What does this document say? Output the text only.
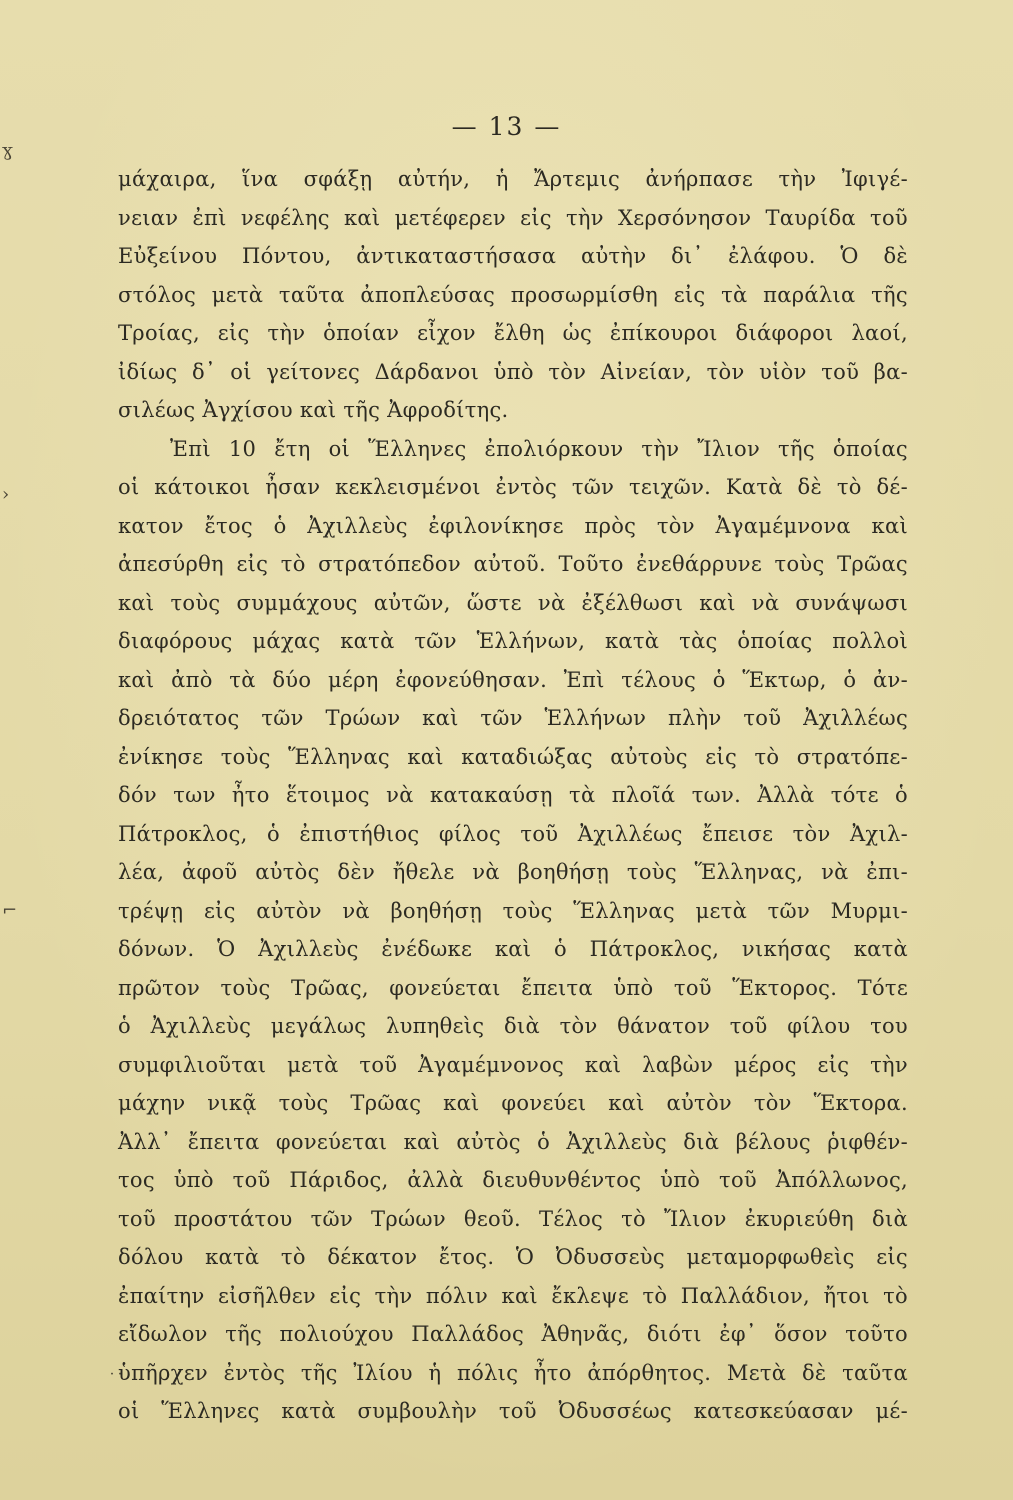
— 13 —
ɣ
›
⌐
˙˙
μάχαιρα, ἵνα σφάξῃ αὐτήν, ἡ Ἄρτεμις ἀνήρπασε τὴν Ἰφιγέ-
νειαν ἐπὶ νεφέλης καὶ μετέφερεν εἰς τὴν Χερσόνησον Ταυρίδα τοῦ
Εὐξείνου Πόντου, ἀντικαταστήσασα αὐτὴν δι᾽ ἐλάφου. Ὁ δὲ
στόλος μετὰ ταῦτα ἀποπλεύσας προσωρμίσθη εἰς τὰ παράλια τῆς
Τροίας, εἰς τὴν ὁποίαν εἶχον ἔλθη ὡς ἐπίκουροι διάφοροι λαοί,
ἰδίως δ᾽ οἱ γείτονες Δάρδανοι ὑπὸ τὸν Αἰνείαν, τὸν υἱὸν τοῦ βα-
σιλέως Ἀγχίσου καὶ τῆς Ἀφροδίτης.
Ἐπὶ 10 ἔτη οἱ Ἕλληνες ἐπολιόρκουν τὴν Ἴλιον τῆς ὁποίας
οἱ κάτοικοι ἦσαν κεκλεισμένοι ἐντὸς τῶν τειχῶν. Κατὰ δὲ τὸ δέ-
κατον ἔτος ὁ Ἀχιλλεὺς ἐφιλονίκησε πρὸς τὸν Ἀγαμέμνονα καὶ
ἀπεσύρθη εἰς τὸ στρατόπεδον αὐτοῦ. Τοῦτο ἐνεθάρρυνε τοὺς Τρῶας
καὶ τοὺς συμμάχους αὐτῶν, ὥστε νὰ ἐξέλθωσι καὶ νὰ συνάψωσι
διαφόρους μάχας κατὰ τῶν Ἑλλήνων, κατὰ τὰς ὁποίας πολλοὶ
καὶ ἀπὸ τὰ δύο μέρη ἐφονεύθησαν. Ἐπὶ τέλους ὁ Ἕκτωρ, ὁ ἀν-
δρειότατος τῶν Τρώων καὶ τῶν Ἑλλήνων πλὴν τοῦ Ἀχιλλέως
ἐνίκησε τοὺς Ἕλληνας καὶ καταδιώξας αὐτοὺς εἰς τὸ στρατόπε-
δόν των ἦτο ἕτοιμος νὰ κατακαύσῃ τὰ πλοῖά των. Ἀλλὰ τότε ὁ
Πάτροκλος, ὁ ἐπιστήθιος φίλος τοῦ Ἀχιλλέως ἔπεισε τὸν Ἀχιλ-
λέα, ἀφοῦ αὐτὸς δὲν ἤθελε νὰ βοηθήσῃ τοὺς Ἕλληνας, νὰ ἐπι-
τρέψῃ εἰς αὐτὸν νὰ βοηθήσῃ τοὺς Ἕλληνας μετὰ τῶν Μυρμι-
δόνων. Ὁ Ἀχιλλεὺς ἐνέδωκε καὶ ὁ Πάτροκλος, νικήσας κατὰ
πρῶτον τοὺς Τρῶας, φονεύεται ἔπειτα ὑπὸ τοῦ Ἕκτορος. Τότε
ὁ Ἀχιλλεὺς μεγάλως λυπηθεὶς διὰ τὸν θάνατον τοῦ φίλου του
συμφιλιοῦται μετὰ τοῦ Ἀγαμέμνονος καὶ λαβὼν μέρος εἰς τὴν
μάχην νικᾷ τοὺς Τρῶας καὶ φονεύει καὶ αὐτὸν τὸν Ἕκτορα.
Ἀλλ᾽ ἔπειτα φονεύεται καὶ αὐτὸς ὁ Ἀχιλλεὺς διὰ βέλους ῥιφθέν-
τος ὑπὸ τοῦ Πάριδος, ἀλλὰ διευθυνθέντος ὑπὸ τοῦ Ἀπόλλωνος,
τοῦ προστάτου τῶν Τρώων θεοῦ. Τέλος τὸ Ἴλιον ἐκυριεύθη διὰ
δόλου κατὰ τὸ δέκατον ἔτος. Ὁ Ὀδυσσεὺς μεταμορφωθεὶς εἰς
ἐπαίτην εἰσῆλθεν εἰς τὴν πόλιν καὶ ἔκλεψε τὸ Παλλάδιον, ἤτοι τὸ
εἴδωλον τῆς πολιούχου Παλλάδος Ἀθηνᾶς, διότι ἐφ᾽ ὅσον τοῦτο
ὑπῆρχεν ἐντὸς τῆς Ἰλίου ἡ πόλις ἦτο ἀπόρθητος. Μετὰ δὲ ταῦτα
οἱ Ἕλληνες κατὰ συμβουλὴν τοῦ Ὀδυσσέως κατεσκεύασαν μέ-
